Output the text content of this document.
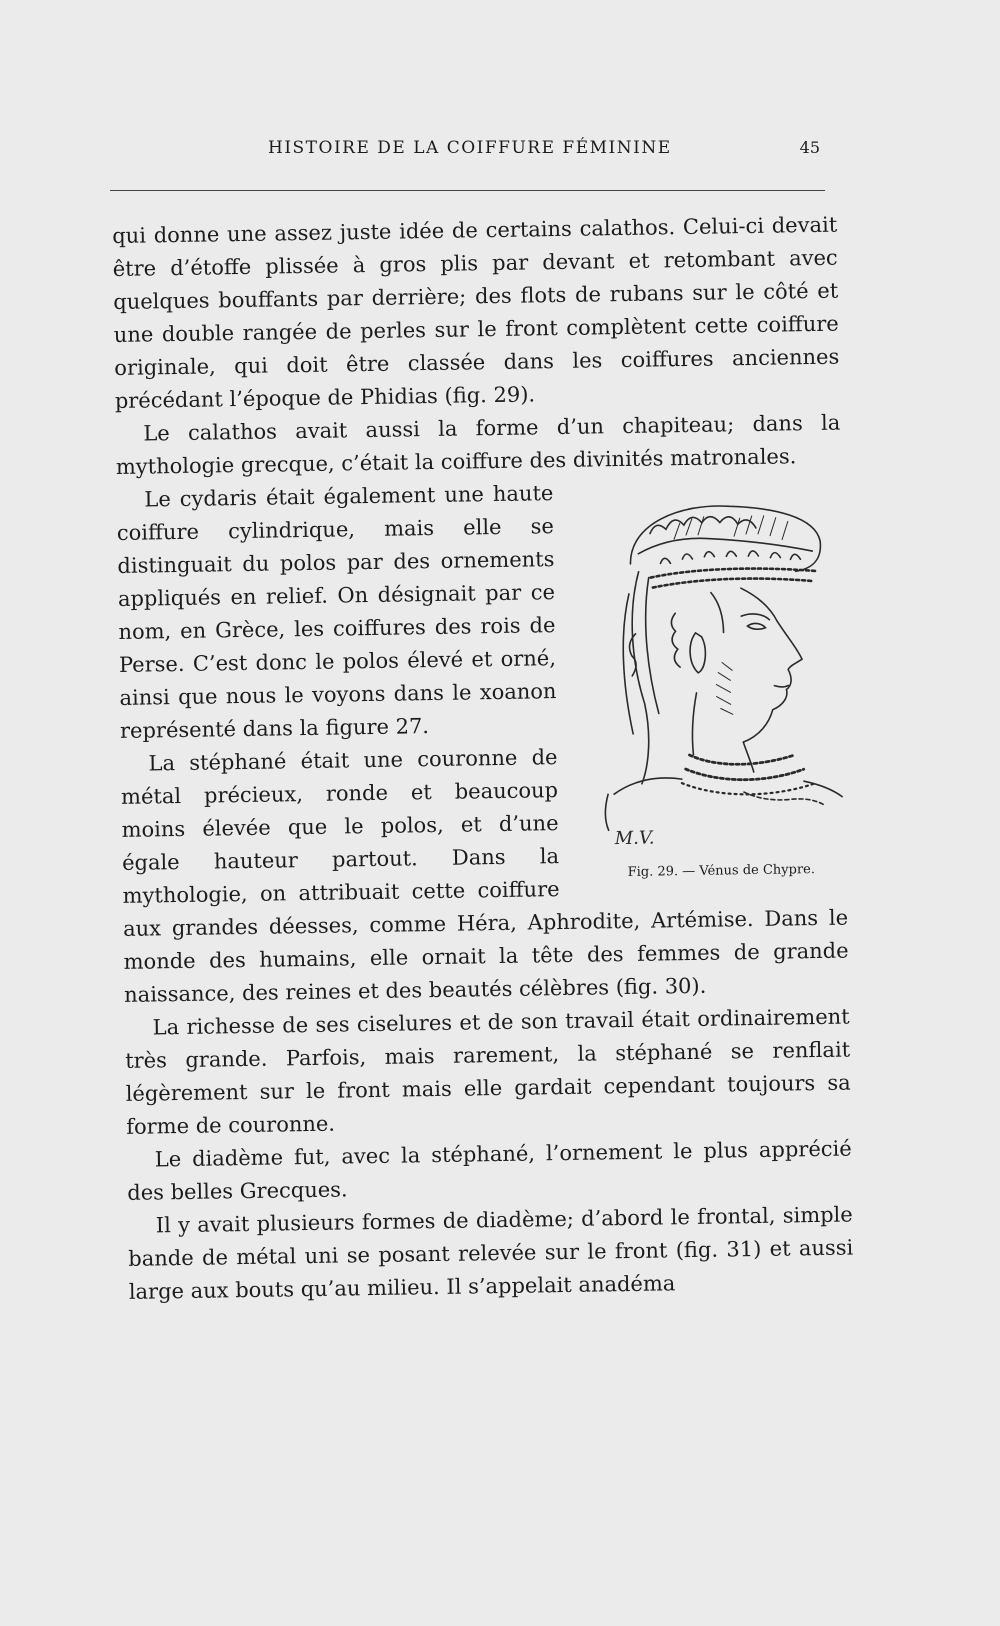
HISTOIRE DE LA COIFFURE FÉMININE	45

qui donne une assez juste idée de certains calathos. Celui-ci devait être d’étoffe plissée à gros plis par devant et retombant avec quelques bouffants par derrière; des flots de rubans sur le côté et une double rangée de perles sur le front complètent cette coiffure originale, qui doit être classée dans les coiffures anciennes précédant l’époque de Phidias (fig. 29).

Le calathos avait aussi la forme d’un chapiteau; dans la mythologie grecque, c’était la coiffure des divinités matronales.

M.V.
Fig. 29. — Vénus de Chypre.

Le cydaris était également une haute coiffure cylindrique, mais elle se distinguait du polos par des ornements appliqués en relief. On désignait par ce nom, en Grèce, les coiffures des rois de Perse. C’est donc le polos élevé et orné, ainsi que nous le voyons dans le xoanon représenté dans la figure 27.

La stéphané était une couronne de métal précieux, ronde et beaucoup moins élevée que le polos, et d’une égale hauteur partout. Dans la mythologie, on attribuait cette coiffure aux grandes déesses, comme Héra, Aphrodite, Artémise. Dans le monde des humains, elle ornait la tête des femmes de grande naissance, des reines et des beautés célèbres (fig. 30).

La richesse de ses ciselures et de son travail était ordinairement très grande. Parfois, mais rarement, la stéphané se renflait légèrement sur le front mais elle gardait cependant toujours sa forme de couronne.

Le diadème fut, avec la stéphané, l’ornement le plus apprécié des belles Grecques.

Il y avait plusieurs formes de diadème; d’abord le frontal, simple bande de métal uni se posant relevée sur le front (fig. 31) et aussi large aux bouts qu’au milieu. Il s’appelait anadéma
